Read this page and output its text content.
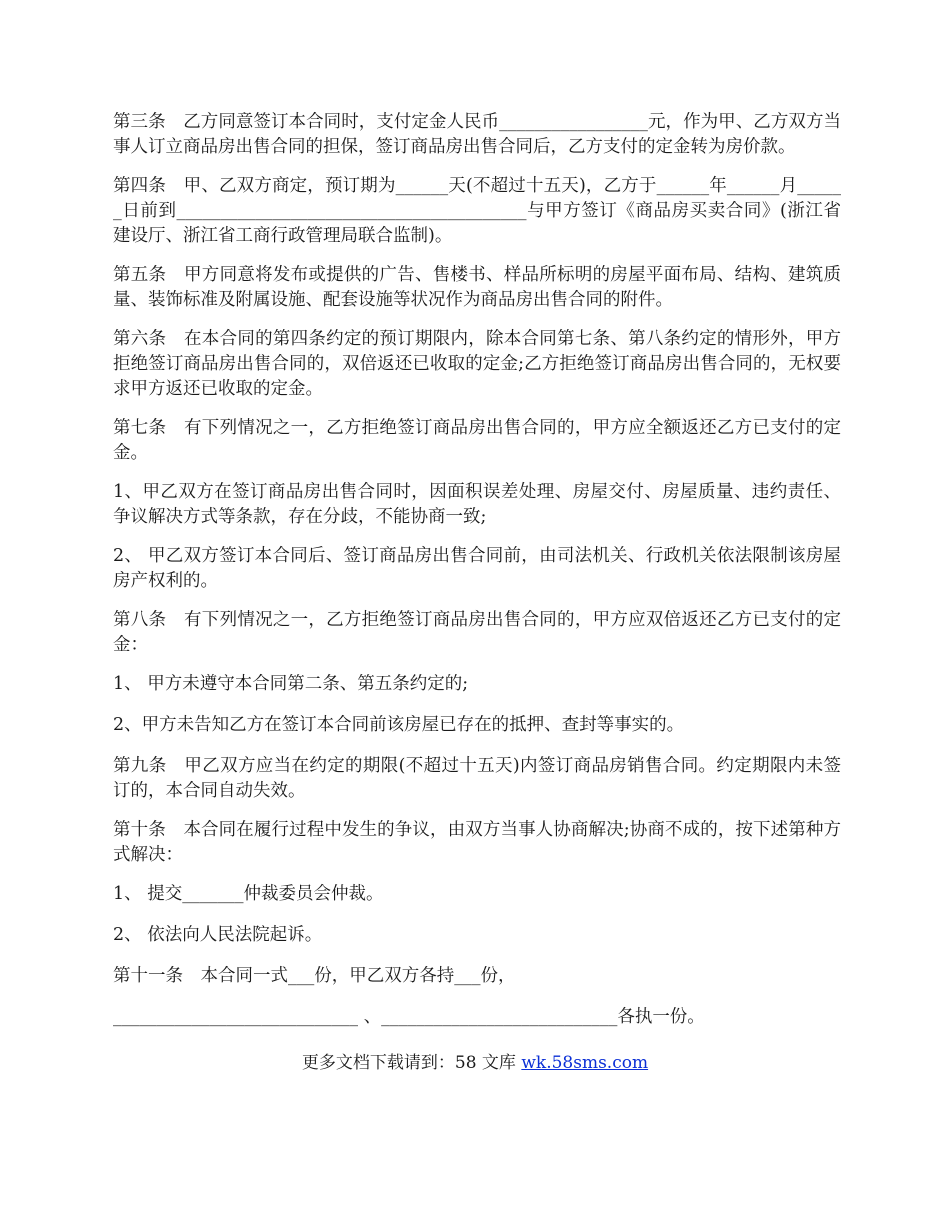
第三条　乙方同意签订本合同时，支付定金人民币_________________元，作为甲、乙方双方当事人订立商品房出售合同的担保，签订商品房出售合同后，乙方支付的定金转为房价款。

第四条　甲、乙双方商定，预订期为______天(不超过十五天)，乙方于______年______月______日前到________________________________________与甲方签订《商品房买卖合同》(浙江省建设厅、浙江省工商行政管理局联合监制)。

第五条　甲方同意将发布或提供的广告、售楼书、样品所标明的房屋平面布局、结构、建筑质量、装饰标准及附属设施、配套设施等状况作为商品房出售合同的附件。

第六条　在本合同的第四条约定的预订期限内，除本合同第七条、第八条约定的情形外，甲方拒绝签订商品房出售合同的，双倍返还已收取的定金;乙方拒绝签订商品房出售合同的，无权要求甲方返还已收取的定金。

第七条　有下列情况之一，乙方拒绝签订商品房出售合同的，甲方应全额返还乙方已支付的定金。

1、甲乙双方在签订商品房出售合同时，因面积误差处理、房屋交付、房屋质量、违约责任、争议解决方式等条款，存在分歧，不能协商一致;

2、 甲乙双方签订本合同后、签订商品房出售合同前，由司法机关、行政机关依法限制该房屋房产权利的。

第八条　有下列情况之一，乙方拒绝签订商品房出售合同的，甲方应双倍返还乙方已支付的定金：

1、 甲方未遵守本合同第二条、第五条约定的;

2、甲方未告知乙方在签订本合同前该房屋已存在的抵押、查封等事实的。

第九条　甲乙双方应当在约定的期限(不超过十五天)内签订商品房销售合同。约定期限内未签订的，本合同自动失效。

第十条　本合同在履行过程中发生的争议，由双方当事人协商解决;协商不成的，按下述第种方式解决：

1、 提交_______仲裁委员会仲裁。

2、 依法向人民法院起诉。

第十一条　本合同一式___份，甲乙双方各持___份，

____________________________ 、___________________________各执一份。

更多文档下载请到：58 文库 wk.58sms.com
